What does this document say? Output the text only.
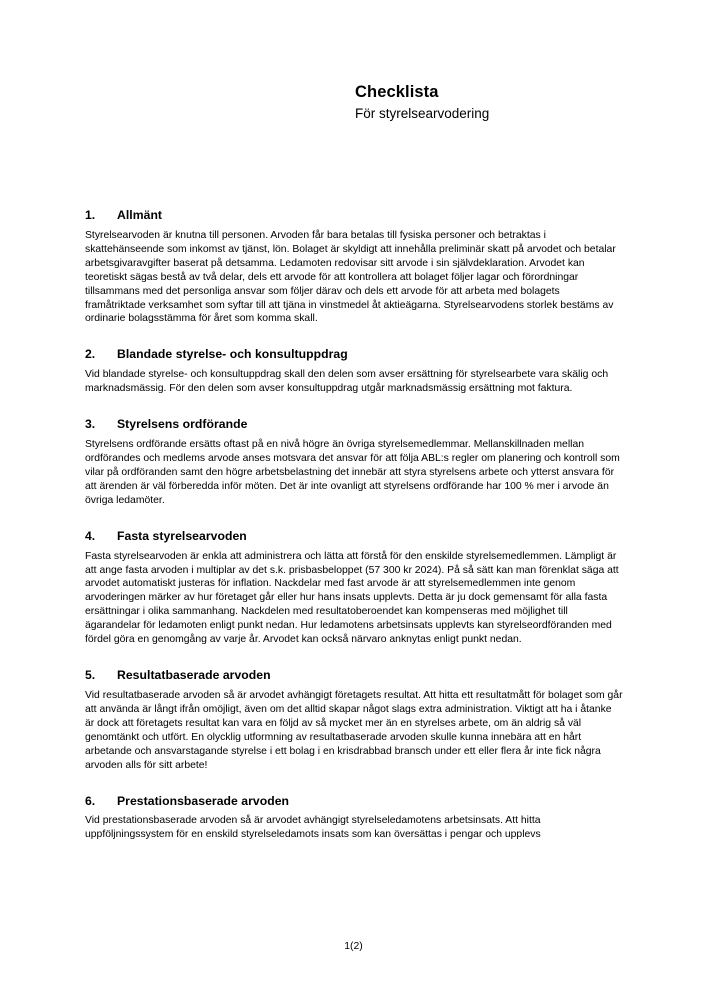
Checklista
För styrelsearvodering
1.	Allmänt

Styrelsearvoden är knutna till personen. Arvoden får bara betalas till fysiska personer och betraktas i skattehänseende som inkomst av tjänst, lön. Bolaget är skyldigt att innehålla preliminär skatt på arvodet och betalar arbetsgivaravgifter baserat på detsamma. Ledamoten redovisar sitt arvode i sin självdeklaration. Arvodet kan teoretiskt sägas bestå av två delar, dels ett arvode för att kontrollera att bolaget följer lagar och förordningar tillsammans med det personliga ansvar som följer därav och dels ett arvode för att arbeta med bolagets framåtriktade verksamhet som syftar till att tjäna in vinstmedel åt aktieägarna. Styrelsearvodens storlek bestäms av ordinarie bolagsstämma för året som komma skall.

2.	Blandade styrelse- och konsultuppdrag

Vid blandade styrelse- och konsultuppdrag skall den delen som avser ersättning för styrelsearbete vara skälig och marknadsmässig. För den delen som avser konsultuppdrag utgår marknadsmässig ersättning mot faktura.

3.	Styrelsens ordförande

Styrelsens ordförande ersätts oftast på en nivå högre än övriga styrelsemedlemmar. Mellanskillnaden mellan ordförandes och medlems arvode anses motsvara det ansvar för att följa ABL:s regler om planering och kontroll som vilar på ordföranden samt den högre arbetsbelastning det innebär att styra styrelsens arbete och ytterst ansvara för att ärenden är väl förberedda inför möten. Det är inte ovanligt att styrelsens ordförande har 100 % mer i arvode än övriga ledamöter.

4.	Fasta styrelsearvoden

Fasta styrelsearvoden är enkla att administrera och lätta att förstå för den enskilde styrelsemedlemmen. Lämpligt är att ange fasta arvoden i multiplar av det s.k. prisbasbeloppet (57 300 kr 2024). På så sätt kan man förenklat säga att arvodet automatiskt justeras för inflation. Nackdelar med fast arvode är att styrelsemedlemmen inte genom arvoderingen märker av hur företaget går eller hur hans insats upplevts. Detta är ju dock gemensamt för alla fasta ersättningar i olika sammanhang. Nackdelen med resultatoberoendet kan kompenseras med möjlighet till ägarandelar för ledamoten enligt punkt nedan. Hur ledamotens arbetsinsats upplevts kan styrelseordföranden med fördel göra en genomgång av varje år. Arvodet kan också närvaro anknytas enligt punkt nedan.

5.	Resultatbaserade arvoden

Vid resultatbaserade arvoden så är arvodet avhängigt företagets resultat. Att hitta ett resultatmått för bolaget som går att använda är långt ifrån omöjligt, även om det alltid skapar något slags extra administration. Viktigt att ha i åtanke är dock att företagets resultat kan vara en följd av så mycket mer än en styrelses arbete, om än aldrig så väl genomtänkt och utfört. En olycklig utformning av resultatbaserade arvoden skulle kunna innebära att en hårt arbetande och ansvarstagande styrelse i ett bolag i en krisdrabbad bransch under ett eller flera år inte fick några arvoden alls för sitt arbete!

6.	Prestationsbaserade arvoden

Vid prestationsbaserade arvoden så är arvodet avhängigt styrelseledamotens arbetsinsats. Att hitta uppföljningssystem för en enskild styrelseledamots insats som kan översättas i pengar och upplevs

1(2)
